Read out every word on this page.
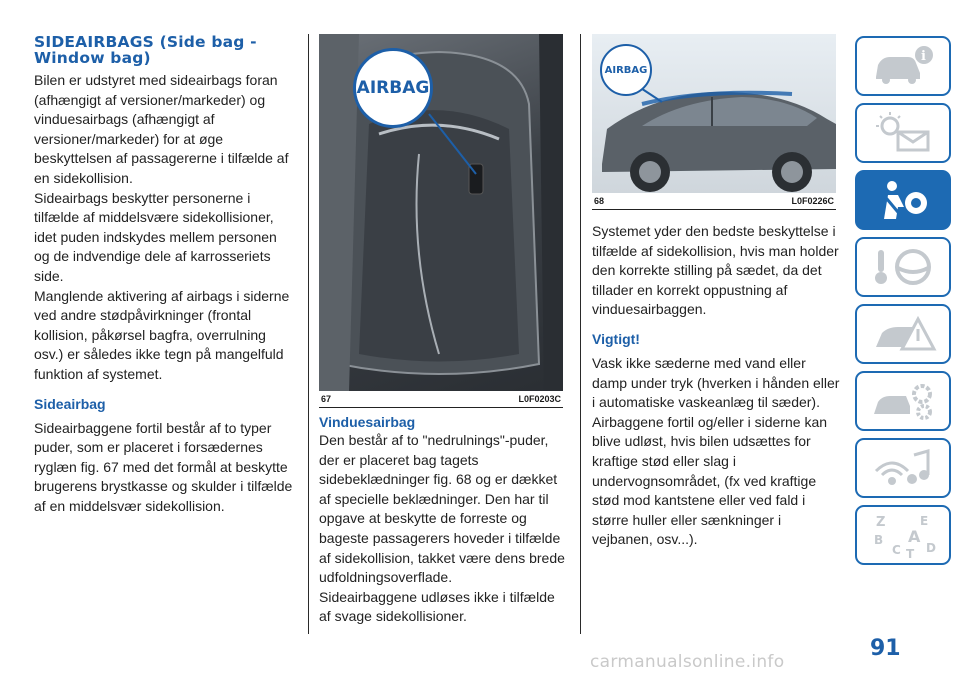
SIDEAIRBAGS (Side bag - Window bag)

Bilen er udstyret med sideairbags foran (afhængigt af versioner/markeder) og vinduesairbags (afhængigt af versioner/markeder) for at øge beskyttelsen af passagererne i tilfælde af en sidekollision.

Sideairbags beskytter personerne i tilfælde af middelsvære sidekollisioner, idet puden indskydes mellem personen og de indvendige dele af karrosseriets side.

Manglende aktivering af airbags i siderne ved andre stødpåvirkninger (frontal kollision, påkørsel bagfra, overrulning osv.) er således ikke tegn på mangelfuld funktion af systemet.

Sideairbag

Sideairbaggene fortil består af to typer puder, som er placeret i forsædernes ryglæn fig. 67 med det formål at beskytte brugerens brystkasse og skulder i tilfælde af en middelsvær sidekollision.

AIRBAG
67	L0F0203C
Vinduesairbag

Den består af to "nedrulnings"-puder, der er placeret bag tagets sidebeklædninger fig. 68 og er dækket af specielle beklædninger. Den har til opgave at beskytte de forreste og bageste passagerers hoveder i tilfælde af sidekollision, takket være dens brede udfoldningsoverflade.

Sideairbaggene udløses ikke i tilfælde af svage sidekollisioner.

AIRBAG
68	L0F0226C

Systemet yder den bedste beskyttelse i tilfælde af sidekollision, hvis man holder den korrekte stilling på sædet, da det tillader en korrekt oppustning af vinduesairbaggen.

Vigtigt!

Vask ikke sæderne med vand eller damp under tryk (hverken i hånden eller i automatiske vaskeanlæg til sæder).

Airbaggene fortil og/eller i siderne kan blive udløst, hvis bilen udsættes for kraftige stød eller slag i undervognsområdet, (fx ved kraftige stød mod kantstene eller ved fald i større huller eller sænkninger i vejbanen, osv...).

i
Z	E
B A
C D
T
91
carmanualsonline.info
